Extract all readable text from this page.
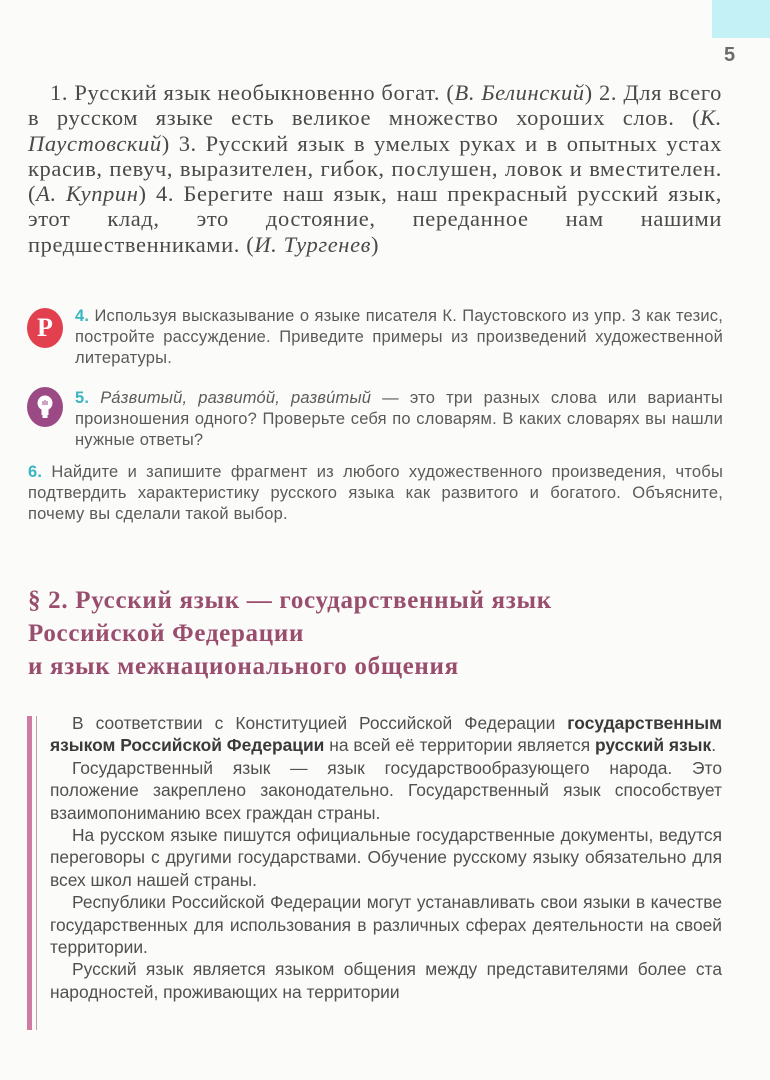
5
1. Русский язык необыкновенно богат. (В. Белинский) 2. Для всего в русском языке есть великое множество хороших слов. (К. Паустовский) 3. Русский язык в умелых руках и в опытных устах красив, певуч, выразителен, гибок, послушен, ловок и вместителен. (А. Куприн) 4. Берегите наш язык, наш прекрасный русский язык, этот клад, это достояние, переданное нам нашими предшественниками. (И. Тургенев)
P 4. Используя высказывание о языке писателя К. Паустовского из упр. 3 как тезис, постройте рассуждение. Приведите примеры из произведений художественной литературы.
5. Ра́звитый, развито́й, разви́тый — это три разных слова или варианты произношения одного? Проверьте себя по словарям. В каких словарях вы нашли нужные ответы?
6. Найдите и запишите фрагмент из любого художественного произведения, чтобы подтвердить характеристику русского языка как развитого и богатого. Объясните, почему вы сделали такой выбор.
§ 2. Русский язык — государственный язык
Российской Федерации
и язык межнационального общения

В соответствии с Конституцией Российской Федерации государственным языком Российской Федерации на всей её территории является русский язык.

Государственный язык — язык государствообразующего народа. Это положение закреплено законодательно. Государственный язык способствует взаимопониманию всех граждан страны.

На русском языке пишутся официальные государственные документы, ведутся переговоры с другими государствами. Обучение русскому языку обязательно для всех школ нашей страны.

Республики Российской Федерации могут устанавливать свои языки в качестве государственных для использования в различных сферах деятельности на своей территории.

Русский язык является языком общения между представителями более ста народностей, проживающих на территории
